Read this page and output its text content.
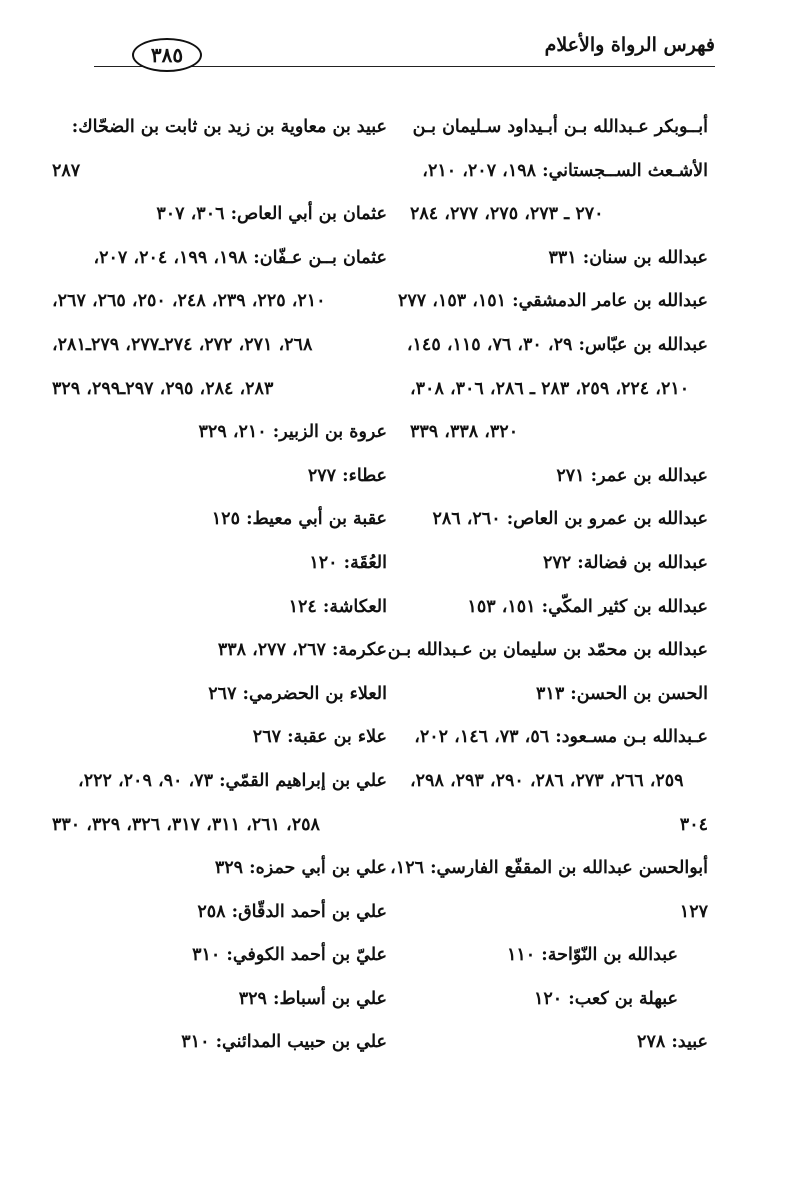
فهرس الرواة والأعلام
٣٨٥
أبــوبكر عـبدالله بـن أبـيداود سـليمان بـن
الأشـعث الســجستاني: ١٩٨، ٢٠٧، ٢١٠،
٢٧٠ ـ ٢٧٣، ٢٧٥، ٢٧٧، ٢٨٤
عبدالله بن سنان: ٣٣١
عبدالله بن عامر الدمشقي: ١٥١، ١٥٣، ٢٧٧
عبدالله بن عبّاس: ٢٩، ٣٠، ٧٦، ١١٥، ١٤٥،
٢١٠، ٢٢٤، ٢٥٩، ٢٨٣ ـ ٢٨٦، ٣٠٦، ٣٠٨،
٣٢٠، ٣٣٨، ٣٣٩
عبدالله بن عمر: ٢٧١
عبدالله بن عمرو بن العاص: ٢٦٠، ٢٨٦
عبدالله بن فضالة: ٢٧٢
عبدالله بن كثير المكّي: ١٥١، ١٥٣
عبدالله بن محمّد بن سليمان بن عـبدالله بـن
الحسن بن الحسن: ٣١٣
عـبدالله بـن مسـعود: ٥٦، ٧٣، ١٤٦، ٢٠٢،
٢٥٩، ٢٦٦، ٢٧٣، ٢٨٦، ٢٩٠، ٢٩٣، ٢٩٨،
٣٠٤
أبوالحسن عبدالله بن المقفّع الفارسي: ١٢٦،
١٢٧
عبدالله بن النّوّاحة: ١١٠
عبهلة بن كعب: ١٢٠
عبيد: ٢٧٨
عبيد بن معاوية بن زيد بن ثابت بن الضحّاك:
٢٨٧
عثمان بن أبي العاص: ٣٠٦، ٣٠٧
عثمان بــن عـفّان: ١٩٨، ١٩٩، ٢٠٤، ٢٠٧،
٢١٠، ٢٢٥، ٢٣٩، ٢٤٨، ٢٥٠، ٢٦٥، ٢٦٧،
٢٦٨، ٢٧١، ٢٧٢، ٢٧٤ـ٢٧٧، ٢٧٩ـ٢٨١،
٢٨٣، ٢٨٤، ٢٩٥، ٢٩٧ـ٢٩٩، ٣٢٩
عروة بن الزبير: ٢١٠، ٣٢٩
عطاء: ٢٧٧
عقبة بن أبي معيط: ١٢٥
العُقَة: ١٢٠
العكاشة: ١٢٤
عكرمة: ٢٦٧، ٢٧٧، ٣٣٨
العلاء بن الحضرمي: ٢٦٧
علاء بن عقبة: ٢٦٧
علي بن إبراهيم القمّي: ٧٣، ٩٠، ٢٠٩، ٢٢٢،
٢٥٨، ٢٦١، ٣١١، ٣١٧، ٣٢٦، ٣٢٩، ٣٣٠
علي بن أبي حمزه: ٣٢٩
علي بن أحمد الدقّاق: ٢٥٨
عليّ بن أحمد الكوفي: ٣١٠
علي بن أسباط: ٣٢٩
علي بن حبيب المدائني: ٣١٠
